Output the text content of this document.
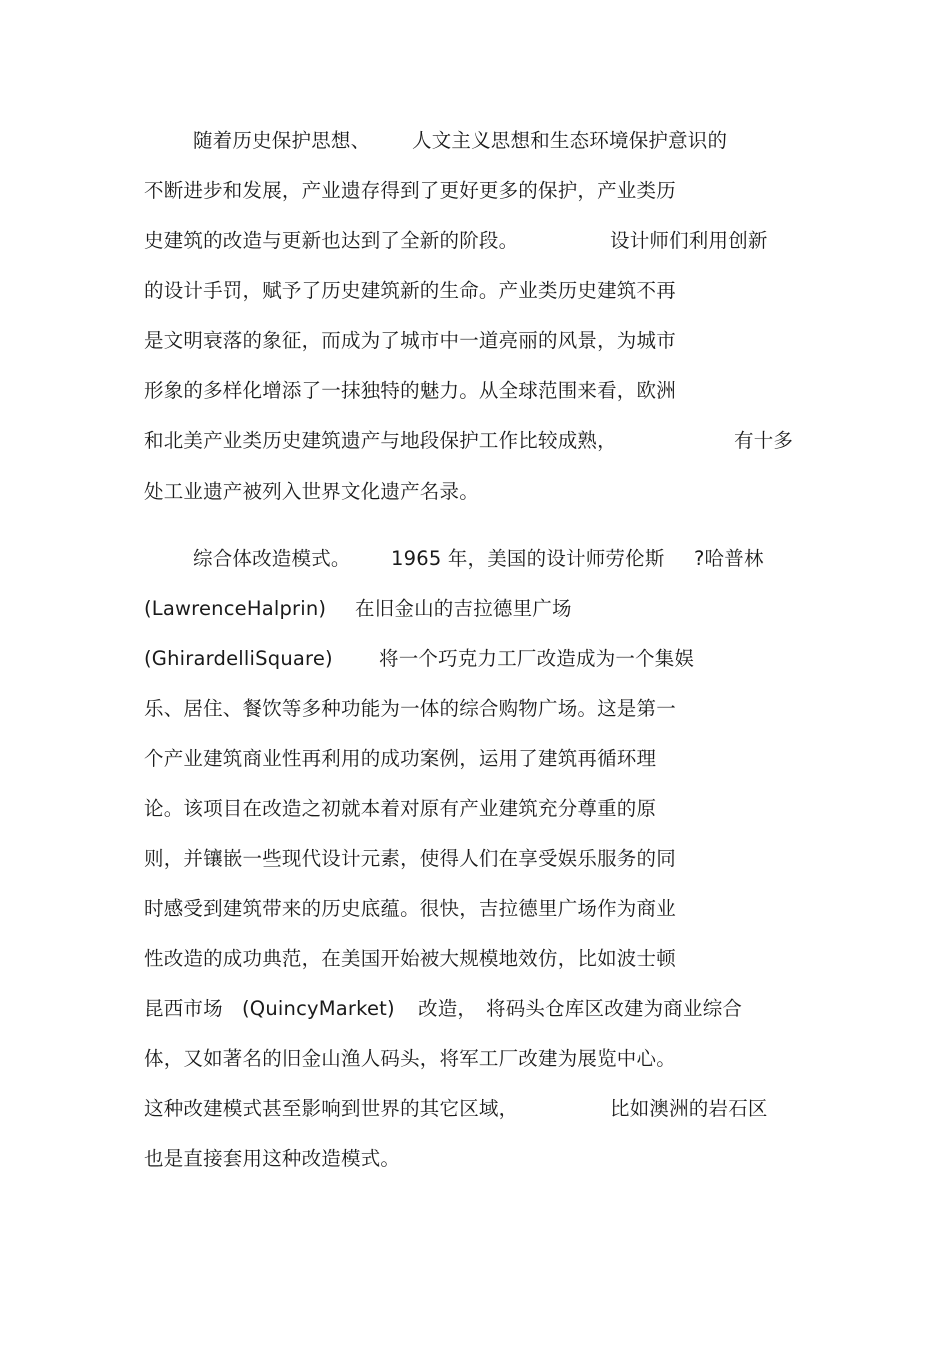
随着历史保护思想、

人文主义思想和生态环境保护意识的

不断进步和发展，产业遗存得到了更好更多的保护，产业类历

史建筑的改造与更新也达到了全新的阶段。

	设计师们利用创新

的设计手罚，赋予了历史建筑新的生命。产业类历史建筑不再

是文明衰落的象征，而成为了城市中一道亮丽的风景，为城市

形象的多样化增添了一抹独特的魅力。从全球范围来看，欧洲

和北美产业类历史建筑遗产与地段保护工作比较成熟，

	有十多

处工业遗产被列入世界文化遗产名录。

综合体改造模式。

1965 年，美国的设计师劳伦斯

?哈普林

(LawrenceHalprin)

在旧金山的吉拉德里广场

(GhirardelliSquare)

将一个巧克力工厂改造成为一个集娱

乐、居住、餐饮等多种功能为一体的综合购物广场。这是第一

个产业建筑商业性再利用的成功案例，运用了建筑再循环理

论。该项目在改造之初就本着对原有产业建筑充分尊重的原

则，并镶嵌一些现代设计元素，使得人们在享受娱乐服务的同

时感受到建筑带来的历史底蕴。很快，吉拉德里广场作为商业

性改造的成功典范，在美国开始被大规模地效仿，比如波士顿

昆西市场

(QuincyMarket)

改造，

将码头仓库区改建为商业综合

体，又如著名的旧金山渔人码头，将军工厂改建为展览中心。

这种改建模式甚至影响到世界的其它区域，

	比如澳洲的岩石区

也是直接套用这种改造模式。
